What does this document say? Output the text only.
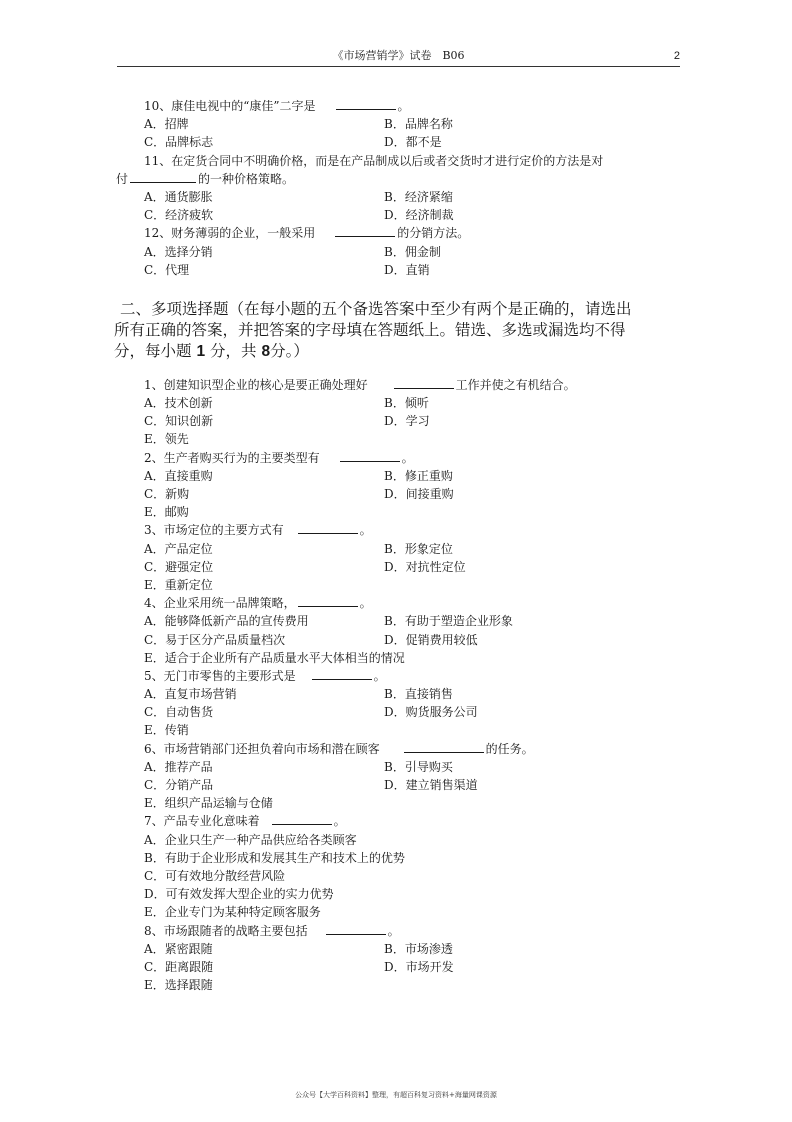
《市场营销学》试卷　B06	2
10、康佳电视中的“康佳”二字是	。
A．招牌	B．品牌名称
C．品牌标志	D．都不是
11、在定货合同中不明确价格，而是在产品制成以后或者交货时才进行定价的方法是对
付	的一种价格策略。
A．通货膨胀	B．经济紧缩
C．经济疲软	D．经济制裁
12、财务薄弱的企业，一般采用	的分销方法。
A．选择分销	B．佣金制
C．代理	D．直销
二、多项选择题（在每小题的五个备选答案中至少有两个是正确的，请选出所有正确的答案，并把答案的字母填在答题纸上。错选、多选或漏选均不得分，每小题 1 分，共 8分。）
1、创建知识型企业的核心是要正确处理好	工作并使之有机结合。
A．技术创新	B．倾听
C．知识创新	D．学习
E．领先
2、生产者购买行为的主要类型有	。
A．直接重购	B．修正重购
C．新购	D．间接重购
E．邮购
3、市场定位的主要方式有	。
A．产品定位	B．形象定位
C．避强定位	D．对抗性定位
E．重新定位
4、企业采用统一品牌策略，	。
A．能够降低新产品的宣传费用	B．有助于塑造企业形象
C．易于区分产品质量档次	D．促销费用较低
E．适合于企业所有产品质量水平大体相当的情况
5、无门市零售的主要形式是	。
A．直复市场营销	B．直接销售
C．自动售货	D．购货服务公司
E．传销
6、市场营销部门还担负着向市场和潜在顾客	的任务。
A．推荐产品	B．引导购买
C．分销产品	D．建立销售渠道
E．组织产品运输与仓储
7、产品专业化意味着	。
A．企业只生产一种产品供应给各类顾客
B．有助于企业形成和发展其生产和技术上的优势
C．可有效地分散经营风险
D．可有效发挥大型企业的实力优势
E．企业专门为某种特定顾客服务
8、市场跟随者的战略主要包括	。
A．紧密跟随	B．市场渗透
C．距离跟随	D．市场开发
E．选择跟随
公众号【大学百科资料】整理，有超百科复习资料+海量网课资源
